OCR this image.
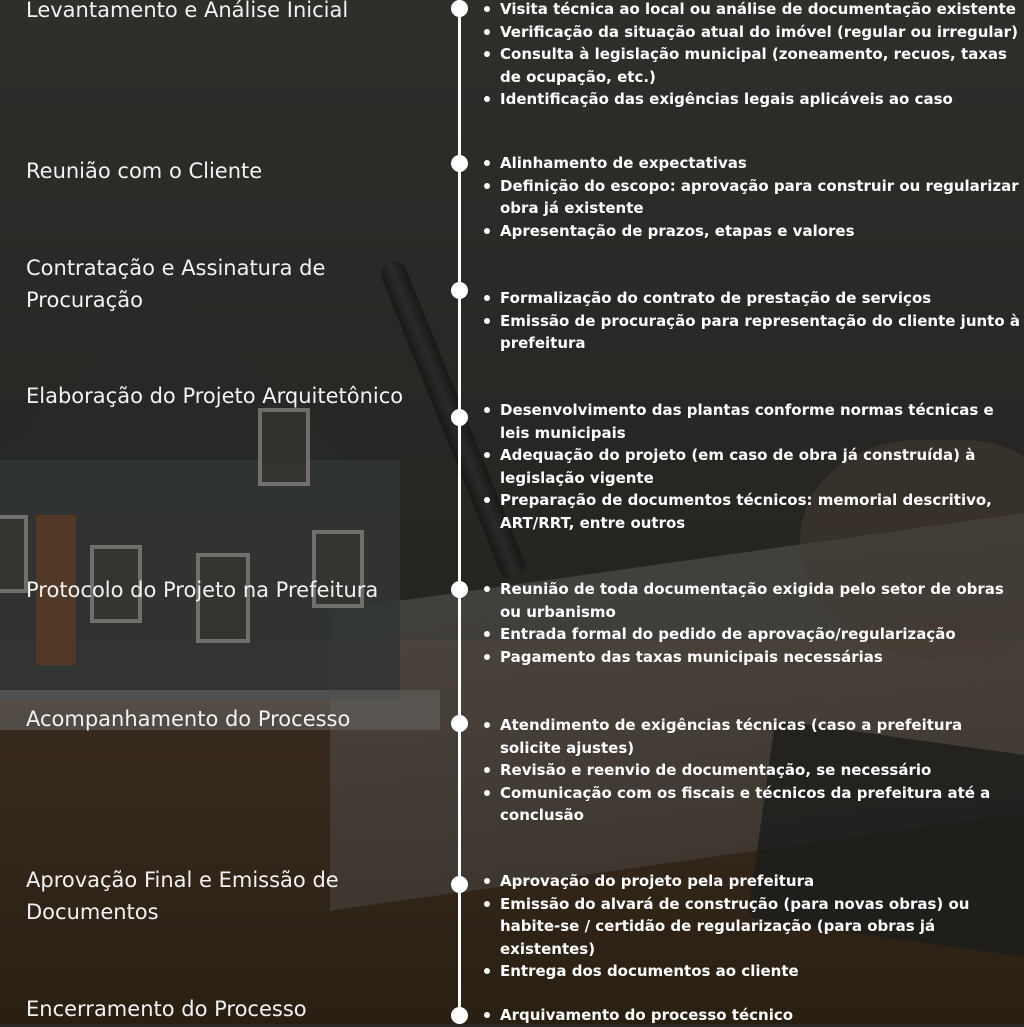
Levantamento e Análise Inicial	Visita técnica ao local ou análise de documentação existente
Verificação da situação atual do imóvel (regular ou irregular)
Consulta à legislação municipal (zoneamento, recuos, taxas de ocupação, etc.)
Identificação das exigências legais aplicáveis ao caso
Reunião com o Cliente	Alinhamento de expectativas
Definição do escopo: aprovação para construir ou regularizar obra já existente
Apresentação de prazos, etapas e valores
Contratação e Assinatura de Procuração	Formalização do contrato de prestação de serviços
Emissão de procuração para representação do cliente junto à prefeitura
Elaboração do Projeto Arquitetônico
Desenvolvimento das plantas conforme normas técnicas e leis municipais
Adequação do projeto (em caso de obra já construída) à legislação vigente
Preparação de documentos técnicos: memorial descritivo, ART/RRT, entre outros
Protocolo do Projeto na Prefeitura	Reunião de toda documentação exigida pelo setor de obras ou urbanismo
Entrada formal do pedido de aprovação/regularização
Pagamento das taxas municipais necessárias
Acompanhamento do Processo	Atendimento de exigências técnicas (caso a prefeitura solicite ajustes)
Revisão e reenvio de documentação, se necessário
Comunicação com os fiscais e técnicos da prefeitura até a conclusão
Aprovação Final e Emissão de Documentos
Aprovação do projeto pela prefeitura
Emissão do alvará de construção (para novas obras) ou habite-se / certidão de regularização (para obras já existentes)
Entrega dos documentos ao cliente
Encerramento do Processo	Arquivamento do processo técnico
